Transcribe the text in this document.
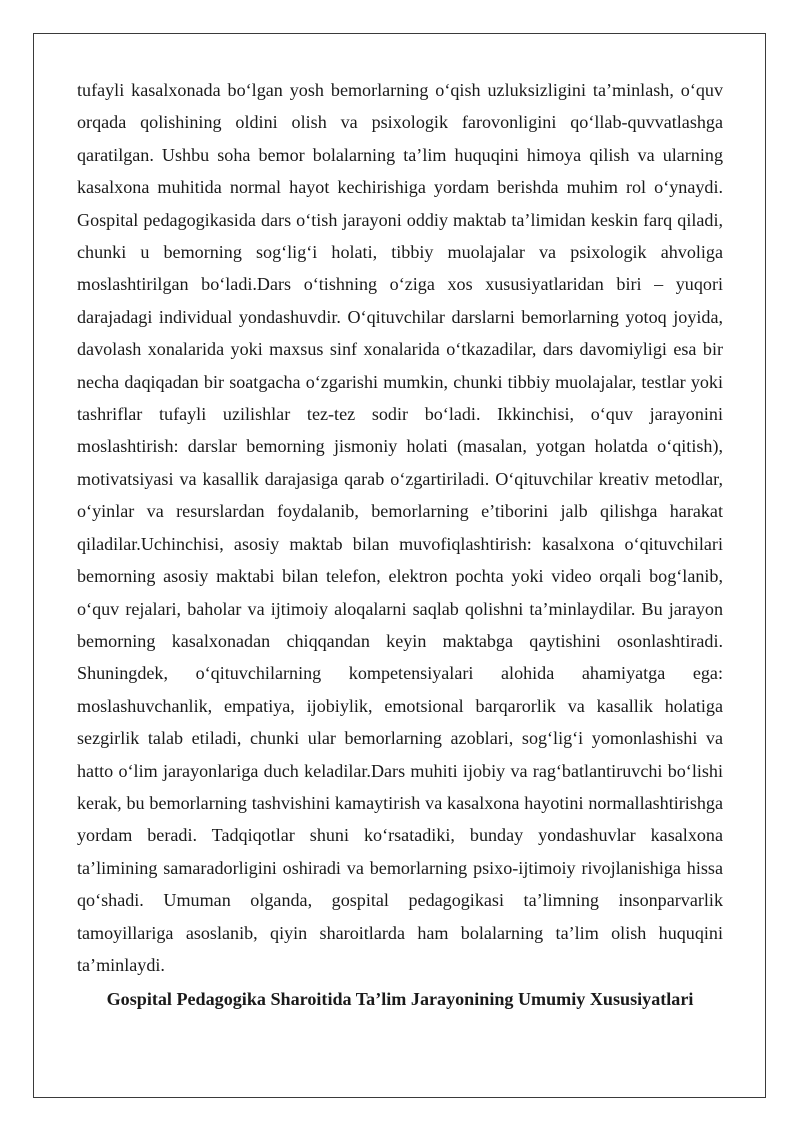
tufayli kasalxonada bo‘lgan yosh bemorlarning o‘qish uzluksizligini ta’minlash, o‘quv orqada qolishining oldini olish va psixologik farovonligini qo‘llab-quvvatlashga qaratilgan. Ushbu soha bemor bolalarning ta’lim huquqini himoya qilish va ularning kasalxona muhitida normal hayot kechirishiga yordam berishda muhim rol o‘ynaydi. Gospital pedagogikasida dars o‘tish jarayoni oddiy maktab ta’limidan keskin farq qiladi, chunki u bemorning sog‘lig‘i holati, tibbiy muolajalar va psixologik ahvoliga moslashtirilgan bo‘ladi.Dars o‘tishning o‘ziga xos xususiyatlaridan biri – yuqori darajadagi individual yondashuvdir. O‘qituvchilar darslarni bemorlarning yotoq joyida, davolash xonalarida yoki maxsus sinf xonalarida o‘tkazadilar, dars davomiyligi esa bir necha daqiqadan bir soatgacha o‘zgarishi mumkin, chunki tibbiy muolajalar, testlar yoki tashriflar tufayli uzilishlar tez-tez sodir bo‘ladi. Ikkinchisi, o‘quv jarayonini moslashtirish: darslar bemorning jismoniy holati (masalan, yotgan holatda o‘qitish), motivatsiyasi va kasallik darajasiga qarab o‘zgartiriladi. O‘qituvchilar kreativ metodlar, o‘yinlar va resurslardan foydalanib, bemorlarning e’tiborini jalb qilishga harakat qiladilar.Uchinchisi, asosiy maktab bilan muvofiqlashtirish: kasalxona o‘qituvchilari bemorning asosiy maktabi bilan telefon, elektron pochta yoki video orqali bog‘lanib, o‘quv rejalari, baholar va ijtimoiy aloqalarni saqlab qolishni ta’minlaydilar. Bu jarayon bemorning kasalxonadan chiqqandan keyin maktabga qaytishini osonlashtiradi. Shuningdek, o‘qituvchilarning kompetensiyalari alohida ahamiyatga ega: moslashuvchanlik, empatiya, ijobiylik, emotsional barqarorlik va kasallik holatiga sezgirlik talab etiladi, chunki ular bemorlarning azoblari, sog‘lig‘i yomonlashishi va hatto o‘lim jarayonlariga duch keladilar.Dars muhiti ijobiy va rag‘batlantiruvchi bo‘lishi kerak, bu bemorlarning tashvishini kamaytirish va kasalxona hayotini normallashtirishga yordam beradi. Tadqiqotlar shuni ko‘rsatadiki, bunday yondashuvlar kasalxona ta’limining samaradorligini oshiradi va bemorlarning psixo-ijtimoiy rivojlanishiga hissa qo‘shadi. Umuman olganda, gospital pedagogikasi ta’limning insonparvarlik tamoyillariga asoslanib, qiyin sharoitlarda ham bolalarning ta’lim olish huquqini ta’minlaydi.

Gospital Pedagogika Sharoitida Ta’lim Jarayonining Umumiy Xususiyatlari
